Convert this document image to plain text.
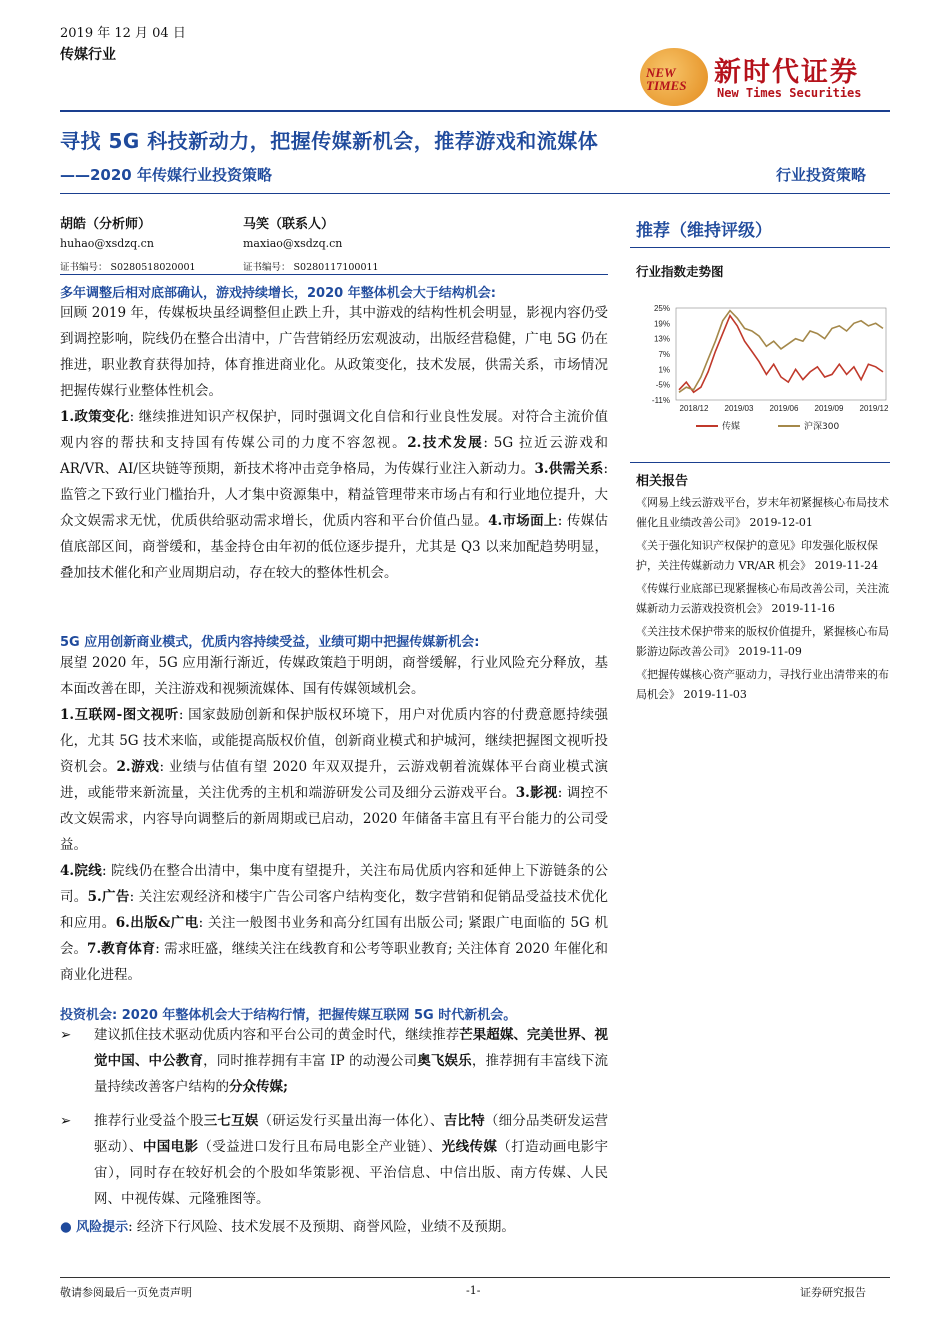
2019 年 12 月 04 日
传媒行业
NEW
TIMES 新时代证券
New Times Securities
寻找 5G 科技新动力，把握传媒新机会，推荐游戏和流媒体
——2020 年传媒行业投资策略	行业投资策略
胡皓（分析师）
huhao@xsdzq.cn
证书编号： S0280518020001
马笑（联系人）
maxiao@xsdzq.cn
证书编号： S0280117100011
多年调整后相对底部确认，游戏持续增长，2020 年整体机会大于结构机会:
回顾 2019 年，传媒板块虽经调整但止跌上升，其中游戏的结构性机会明显，影视内容仍受到调控影响，院线仍在整合出清中，广告营销经历宏观波动，出版经营稳健，广电 5G 仍在推进，职业教育获得加持，体育推进商业化。从政策变化，技术发展，供需关系，市场情况把握传媒行业整体性机会。
1.政策变化: 继续推进知识产权保护，同时强调文化自信和行业良性发展。对符合主流价值观内容的帮扶和支持国有传媒公司的力度不容忽视。2.技术发展: 5G 拉近云游戏和 AR/VR、AI/区块链等预期，新技术将冲击竞争格局，为传媒行业注入新动力。3.供需关系: 监管之下致行业门槛抬升，人才集中资源集中，精益管理带来市场占有和行业地位提升，大众文娱需求无忧，优质供给驱动需求增长，优质内容和平台价值凸显。4.市场面上: 传媒估值底部区间，商誉缓和，基金持仓由年初的低位逐步提升，尤其是 Q3 以来加配趋势明显，叠加技术催化和产业周期启动，存在较大的整体性机会。
5G 应用创新商业模式，优质内容持续受益，业绩可期中把握传媒新机会:
展望 2020 年，5G 应用渐行渐近，传媒政策趋于明朗，商誉缓解，行业风险充分释放，基本面改善在即，关注游戏和视频流媒体、国有传媒领域机会。
1.互联网-图文视听: 国家鼓励创新和保护版权环境下，用户对优质内容的付费意愿持续强化，尤其 5G 技术来临，或能提高版权价值，创新商业模式和护城河，继续把握图文视听投资机会。2.游戏: 业绩与估值有望 2020 年双双提升，云游戏朝着流媒体平台商业模式演进，或能带来新流量，关注优秀的主机和端游研发公司及细分云游戏平台。3.影视: 调控不改文娱需求，内容导向调整后的新周期或已启动，2020 年储备丰富且有平台能力的公司受益。
4.院线: 院线仍在整合出清中，集中度有望提升，关注布局优质内容和延伸上下游链条的公司。5.广告: 关注宏观经济和楼宇广告公司客户结构变化，数字营销和促销品受益技术优化和应用。6.出版&广电: 关注一般图书业务和高分红国有出版公司; 紧跟广电面临的 5G 机会。7.教育体育: 需求旺盛，继续关注在线教育和公考等职业教育; 关注体育 2020 年催化和商业化进程。
投资机会: 2020 年整体机会大于结构行情，把握传媒互联网 5G 时代新机会。
➢ 建议抓住技术驱动优质内容和平台公司的黄金时代，继续推荐芒果超媒、完美世界、视觉中国、中公教育，同时推荐拥有丰富 IP 的动漫公司奥飞娱乐，推荐拥有丰富线下流量持续改善客户结构的分众传媒;
➢ 推荐行业受益个股三七互娱（研运发行买量出海一体化）、吉比特（细分品类研发运营驱动）、中国电影（受益进口发行且布局电影全产业链）、光线传媒（打造动画电影宇宙），同时存在较好机会的个股如华策影视、平治信息、中信出版、南方传媒、人民网、中视传媒、元隆雅图等。
● 风险提示: 经济下行风险、技术发展不及预期、商誉风险，业绩不及预期。
推荐（维持评级）
行业指数走势图
25%
19%
13%
7%
1%
-5%
-11%
2018/12 2019/03 2019/06 2019/09 2019/12
传媒	沪深300
相关报告
《网易上线云游戏平台，岁末年初紧握核心布局技术催化且业绩改善公司》 2019-12-01
《关于强化知识产权保护的意见》印发强化版权保护，关注传媒新动力 VR/AR 机会》 2019-11-24
《传媒行业底部已现紧握核心布局改善公司，关注流媒新动力云游戏投资机会》 2019-11-16
《关注技术保护带来的版权价值提升，紧握核心布局影游边际改善公司》 2019-11-09
《把握传媒核心资产驱动力，寻找行业出清带来的布局机会》 2019-11-03
敬请参阅最后一页免责声明	-1-	证券研究报告
